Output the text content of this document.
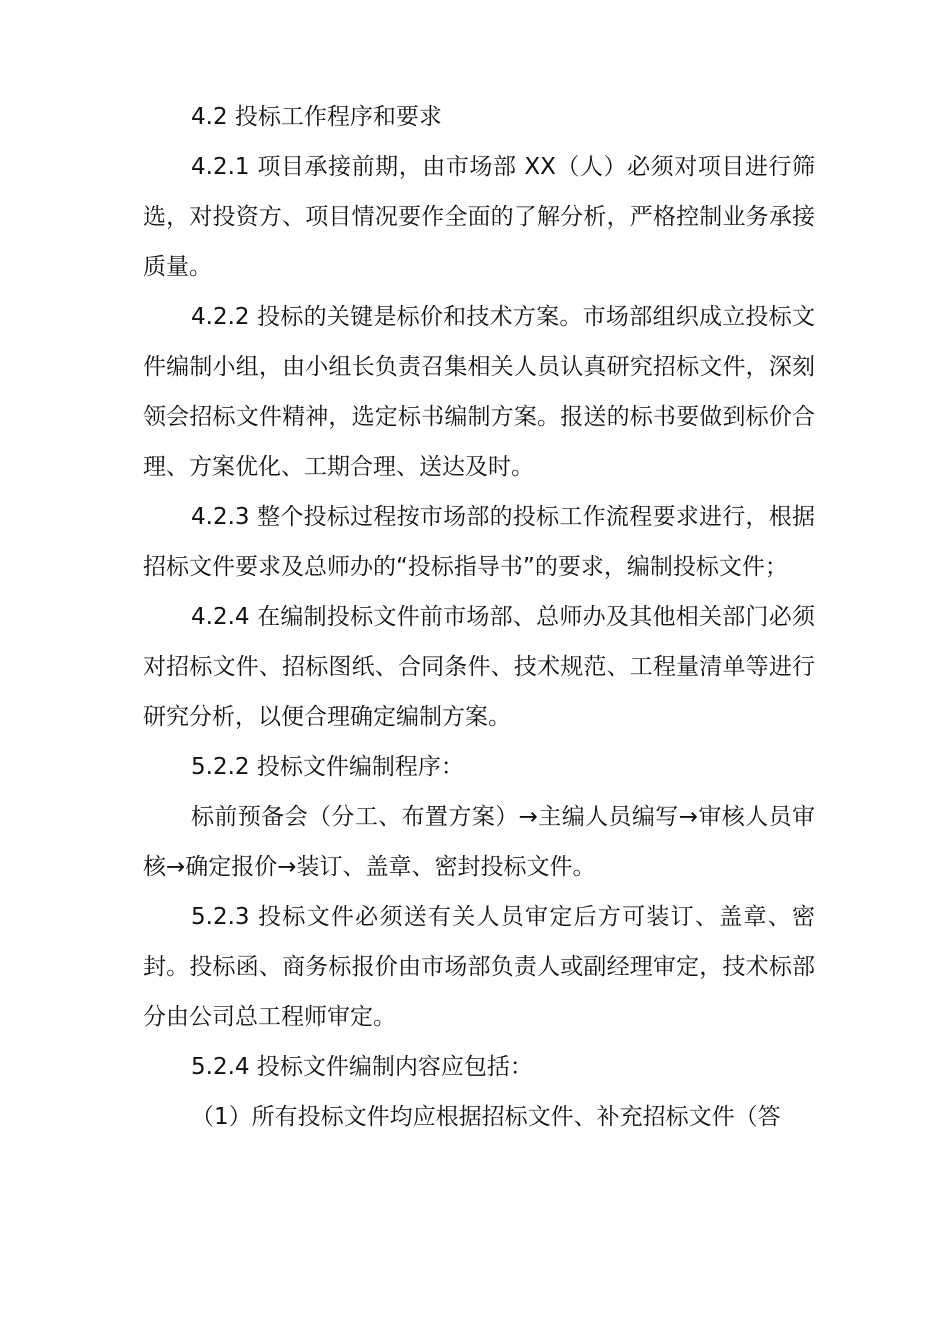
4.2 投标工作程序和要求

4.2.1 项目承接前期，由市场部 XX（人）必须对项目进行筛选，对投资方、项目情况要作全面的了解分析，严格控制业务承接质量。

4.2.2 投标的关键是标价和技术方案。市场部组织成立投标文件编制小组，由小组长负责召集相关人员认真研究招标文件，深刻领会招标文件精神，选定标书编制方案。报送的标书要做到标价合理、方案优化、工期合理、送达及时。

4.2.3 整个投标过程按市场部的投标工作流程要求进行，根据招标文件要求及总师办的“投标指导书”的要求，编制投标文件；

4.2.4 在编制投标文件前市场部、总师办及其他相关部门必须对招标文件、招标图纸、合同条件、技术规范、工程量清单等进行研究分析，以便合理确定编制方案。

5.2.2 投标文件编制程序：

标前预备会（分工、布置方案）→主编人员编写→审核人员审核→确定报价→装订、盖章、密封投标文件。

5.2.3 投标文件必须送有关人员审定后方可装订、盖章、密封。投标函、商务标报价由市场部负责人或副经理审定，技术标部分由公司总工程师审定。

5.2.4 投标文件编制内容应包括：

（1）所有投标文件均应根据招标文件、补充招标文件（答
